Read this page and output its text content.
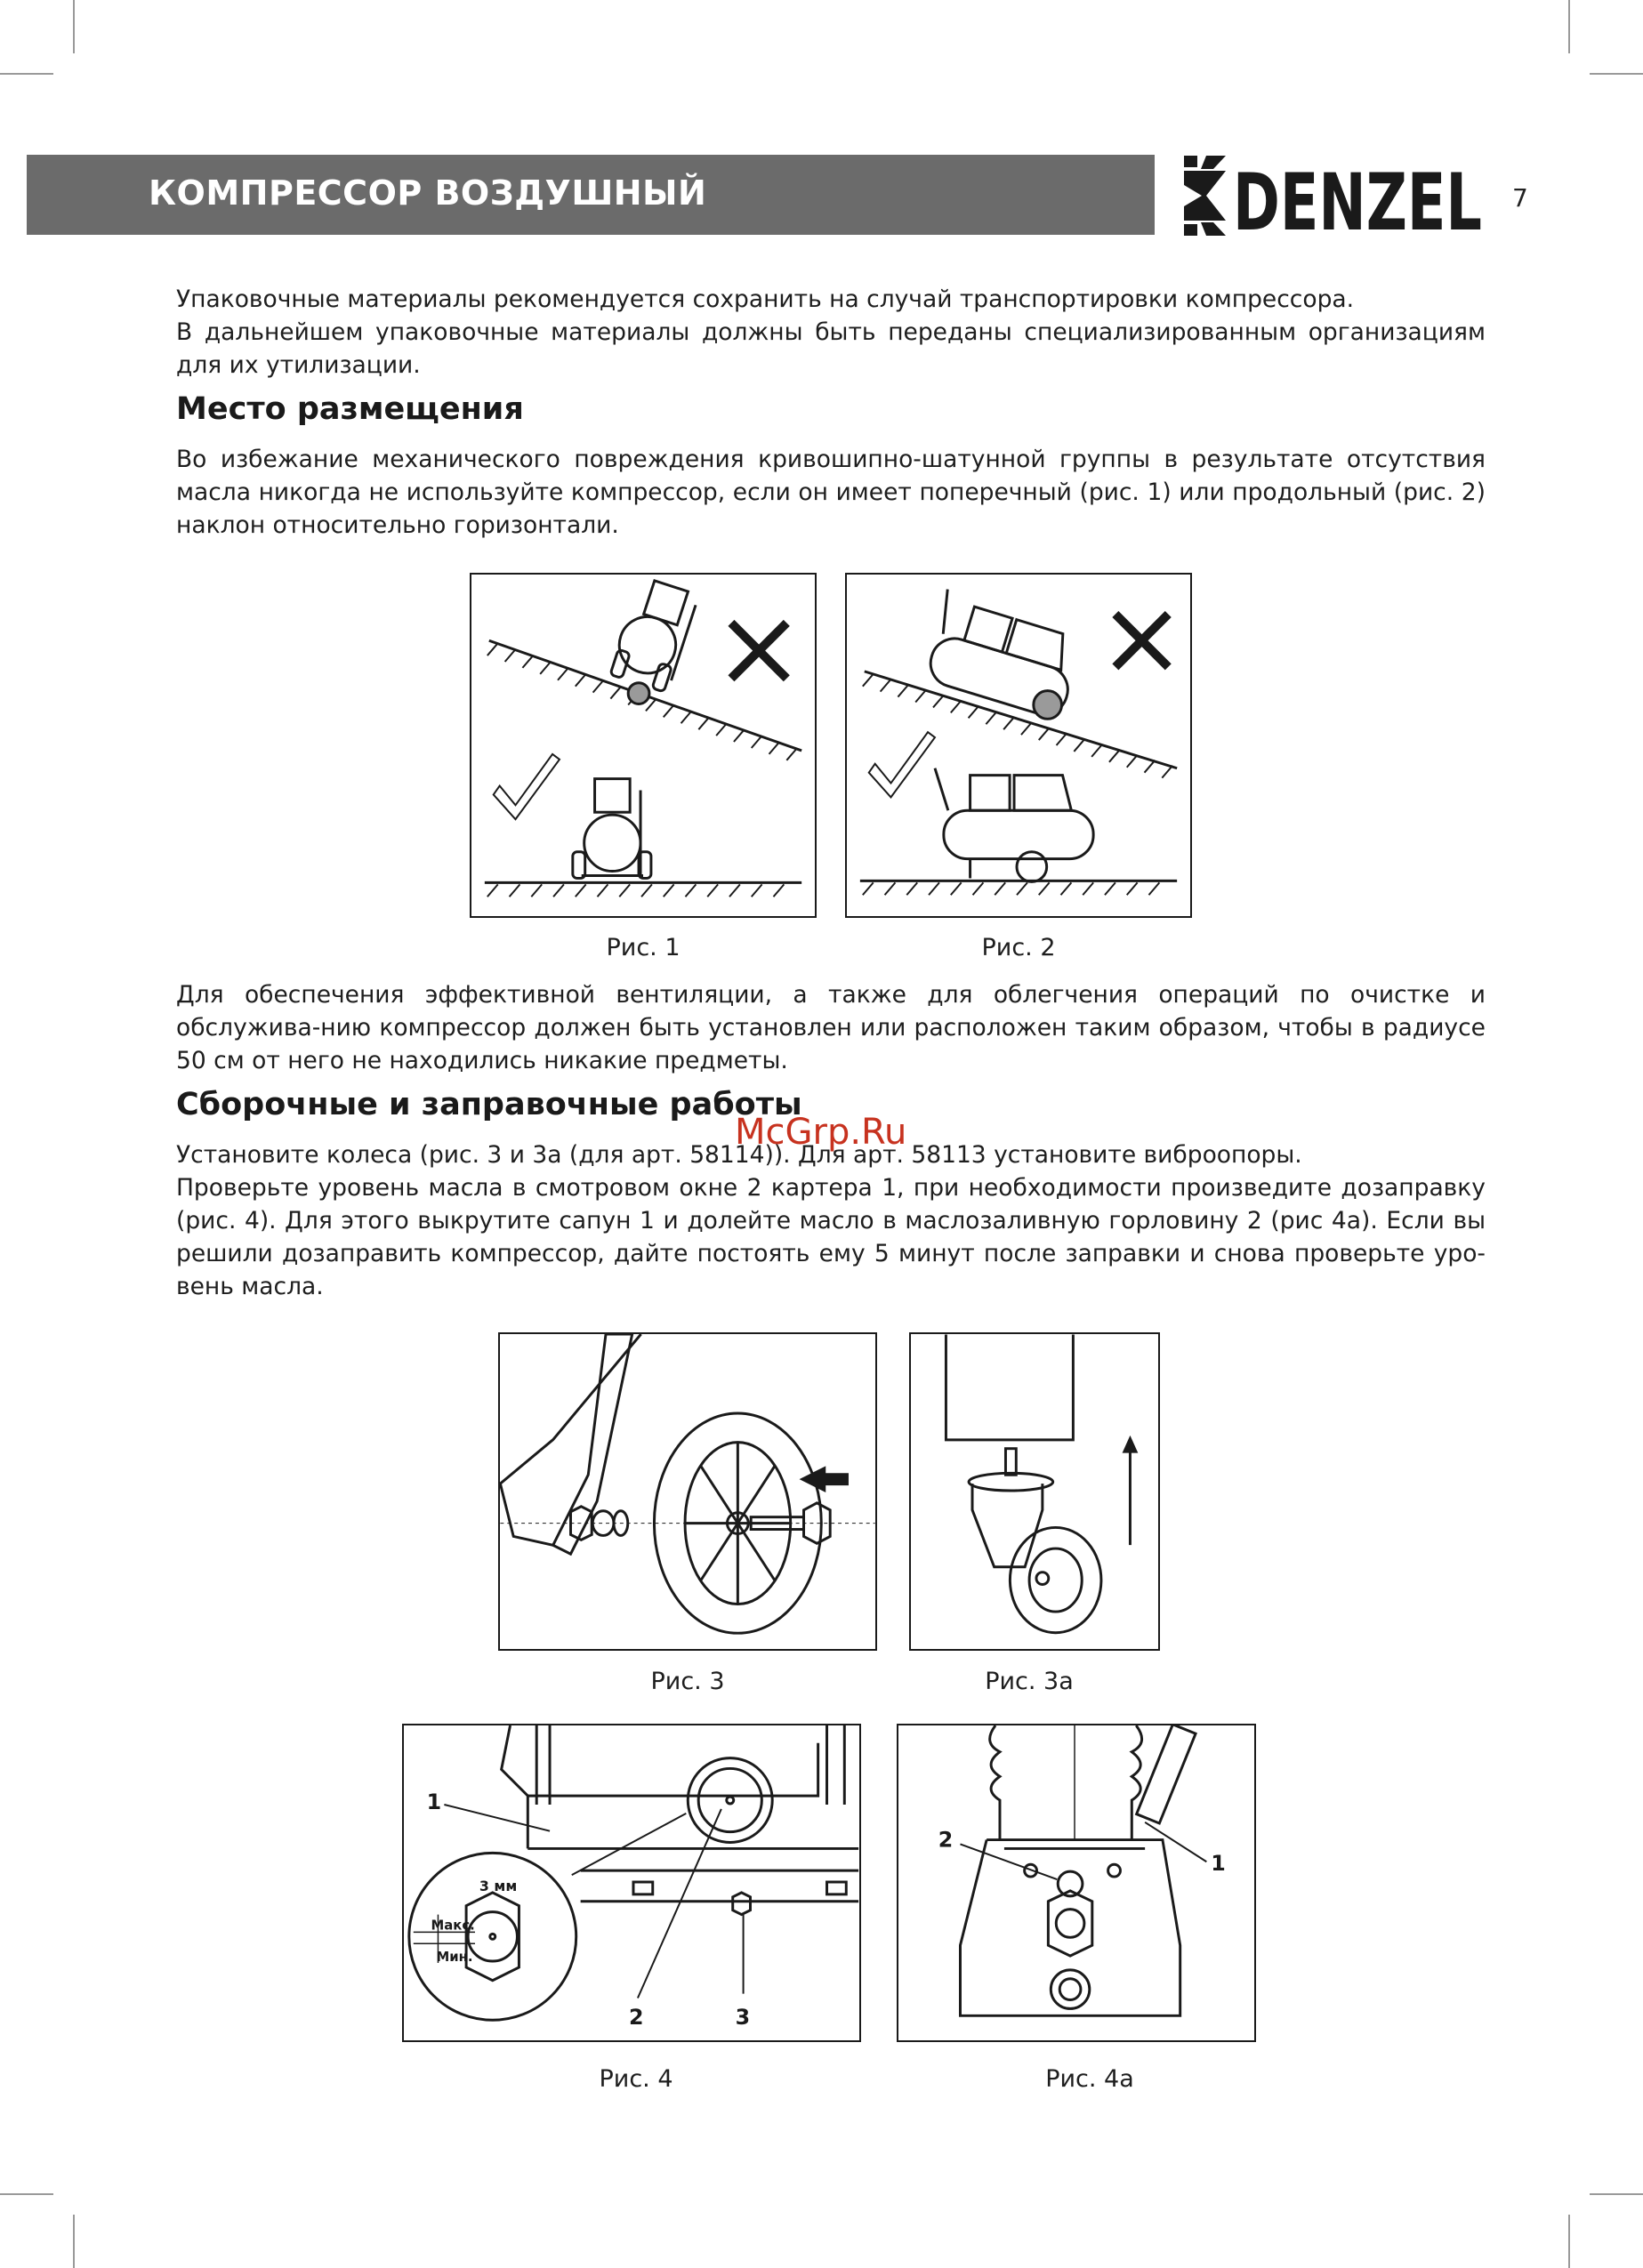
КОМПРЕССОР ВОЗДУШНЫЙ	DENZEL 7

Упаковочные материалы рекомендуется сохранить на случай транспортировки компрессора.

В дальнейшем упаковочные материалы должны быть переданы специализированным организациям для их утилизации.

Место размещения

Во избежание механического повреждения кривошипно-шатунной группы в результате отсутствия масла никогда не используйте компрессор, если он имеет поперечный (рис. 1) или продольный (рис. 2) наклон относительно горизонтали.

Рис. 1	Рис. 2

Для обеспечения эффективной вентиляции, а также для облегчения операций по очистке и обслужива-нию компрессор должен быть установлен или расположен таким образом, чтобы в радиусе 50 см от него не находились никакие предметы.

Сборочные и заправочные работы

Установите колеса (рис. 3 и 3а (для арт. 58114)). Для арт. 58113 установите виброопоры.

Проверьте уровень масла в смотровом окне 2 картера 1, при необходимости произведите дозаправку (рис. 4). Для этого выкрутите сапун 1 и долейте масло в маслозаливную горловину 2 (рис 4а). Если вы решили дозаправить компрессор, дайте постоять ему 5 минут после заправки и снова проверьте уро-вень масла.

McGrp.Ru
Рис. 3	Рис. 3а
1
2	3
3 мм
Макс.
Мин.
Рис. 4
1
2
Рис. 4а
